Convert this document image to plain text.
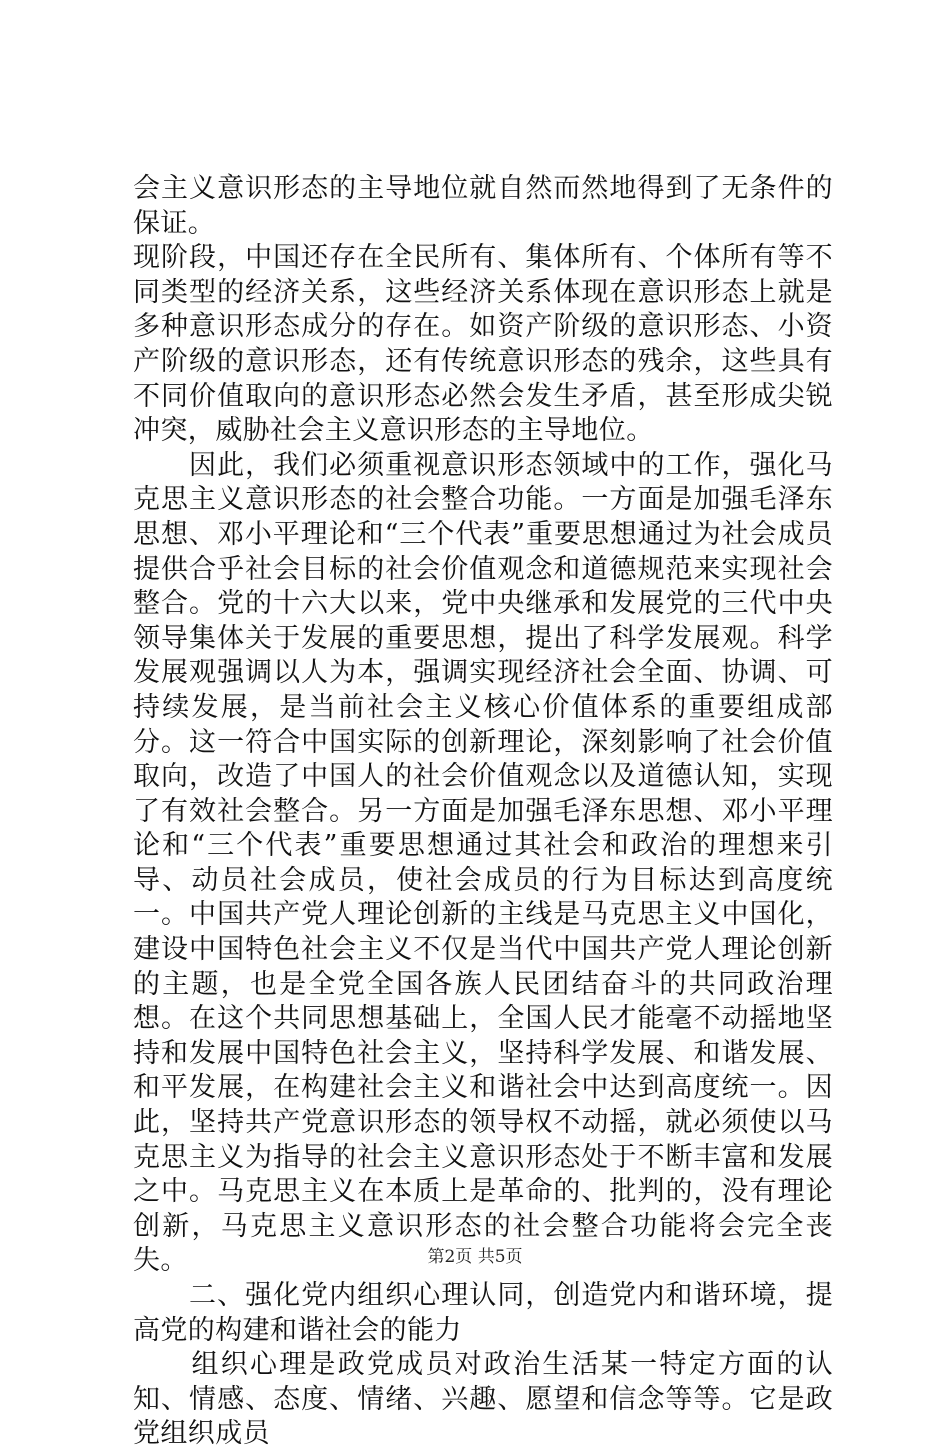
会主义意识形态的主导地位就自然而然地得到了无条件的保证。
现阶段，中国还存在全民所有、集体所有、个体所有等不同类型的经济关系，这些经济关系体现在意识形态上就是多种意识形态成分的存在。如资产阶级的意识形态、小资产阶级的意识形态，还有传统意识形态的残余，这些具有不同价值取向的意识形态必然会发生矛盾，甚至形成尖锐冲突，威胁社会主义意识形态的主导地位。

　　因此，我们必须重视意识形态领域中的工作，强化马克思主义意识形态的社会整合功能。一方面是加强毛泽东思想、邓小平理论和“三个代表”重要思想通过为社会成员提供合乎社会目标的社会价值观念和道德规范来实现社会整合。党的十六大以来，党中央继承和发展党的三代中央领导集体关于发展的重要思想，提出了科学发展观。科学发展观强调以人为本，强调实现经济社会全面、协调、可持续发展，是当前社会主义核心价值体系的重要组成部分。这一符合中国实际的创新理论，深刻影响了社会价值取向，改造了中国人的社会价值观念以及道德认知，实现了有效社会整合。另一方面是加强毛泽东思想、邓小平理论和“三个代表”重要思想通过其社会和政治的理想来引导、动员社会成员，使社会成员的行为目标达到高度统一。中国共产党人理论创新的主线是马克思主义中国化，建设中国特色社会主义不仅是当代中国共产党人理论创新的主题，也是全党全国各族人民团结奋斗的共同政治理想。在这个共同思想基础上，全国人民才能毫不动摇地坚持和发展中国特色社会主义，坚持科学发展、和谐发展、和平发展，在构建社会主义和谐社会中达到高度统一。因此，坚持共产党意识形态的领导权不动摇，就必须使以马克思主义为指导的社会主义意识形态处于不断丰富和发展之中。马克思主义在本质上是革命的、批判的，没有理论创新，马克思主义意识形态的社会整合功能将会完全丧失。

　　二、强化党内组织心理认同，创造党内和谐环境，提高党的构建和谐社会的能力

　　组织心理是政党成员对政治生活某一特定方面的认知、情感、态度、情绪、兴趣、愿望和信念等等。它是政党组织成员

第2页 共5页
